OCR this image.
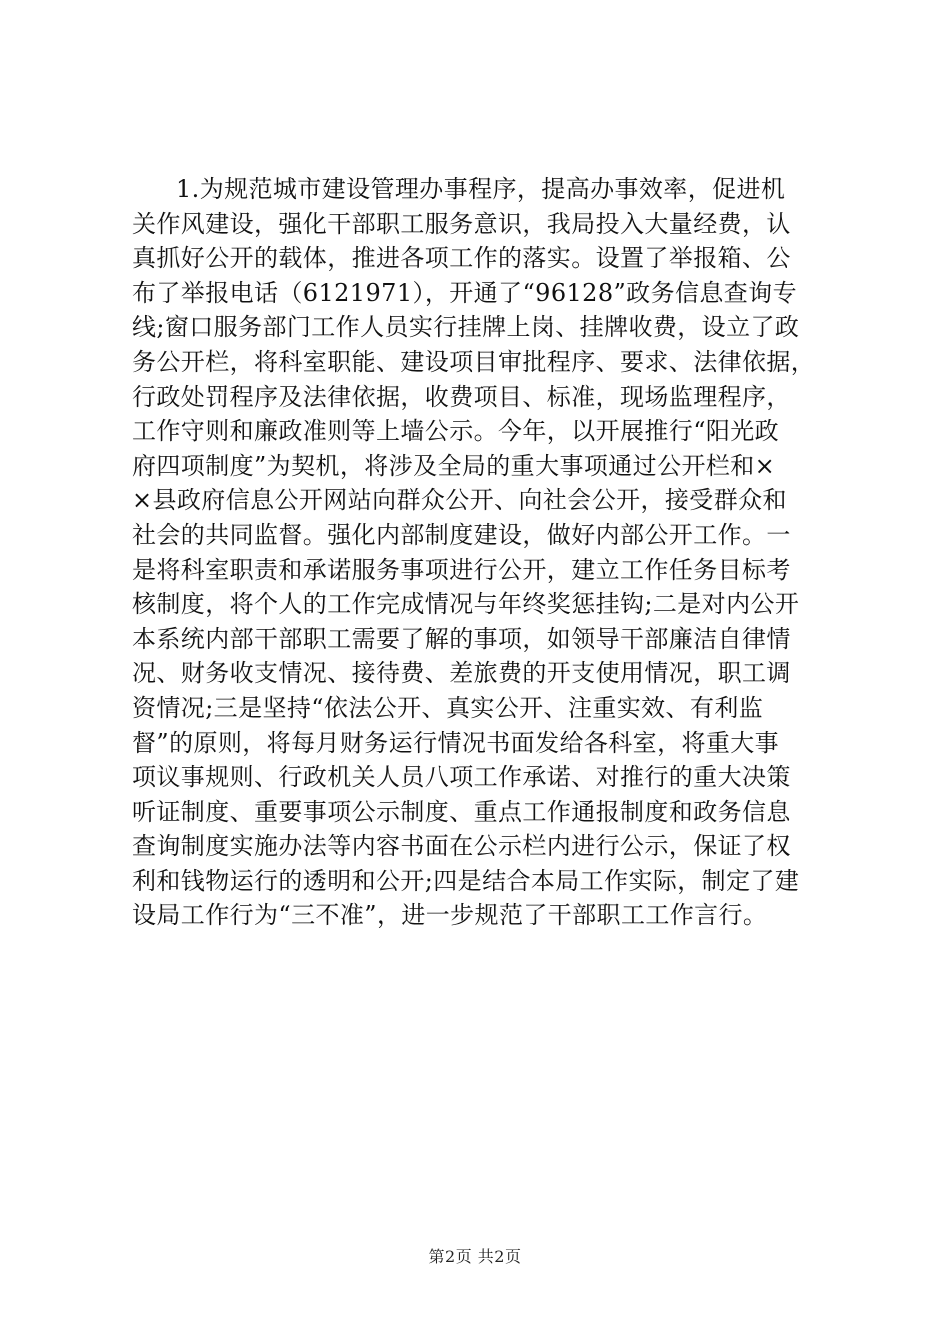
1.为规范城市建设管理办事程序，提高办事效率，促进机
关作风建设，强化干部职工服务意识，我局投入大量经费，认
真抓好公开的载体，推进各项工作的落实。设置了举报箱、公
布了举报电话（6121971），开通了“96128”政务信息查询专
线;窗口服务部门工作人员实行挂牌上岗、挂牌收费，设立了政
务公开栏，将科室职能、建设项目审批程序、要求、法律依据，
行政处罚程序及法律依据，收费项目、标准，现场监理程序，
工作守则和廉政准则等上墙公示。今年，以开展推行“阳光政
府四项制度”为契机，将涉及全局的重大事项通过公开栏和×
×县政府信息公开网站向群众公开、向社会公开，接受群众和
社会的共同监督。强化内部制度建设，做好内部公开工作。一
是将科室职责和承诺服务事项进行公开，建立工作任务目标考
核制度，将个人的工作完成情况与年终奖惩挂钩;二是对内公开
本系统内部干部职工需要了解的事项，如领导干部廉洁自律情
况、财务收支情况、接待费、差旅费的开支使用情况，职工调
资情况;三是坚持“依法公开、真实公开、注重实效、有利监
督”的原则，将每月财务运行情况书面发给各科室，将重大事
项议事规则、行政机关人员八项工作承诺、对推行的重大决策
听证制度、重要事项公示制度、重点工作通报制度和政务信息
查询制度实施办法等内容书面在公示栏内进行公示，保证了权
利和钱物运行的透明和公开;四是结合本局工作实际，制定了建
设局工作行为“三不准”，进一步规范了干部职工工作言行。
第2页 共2页
